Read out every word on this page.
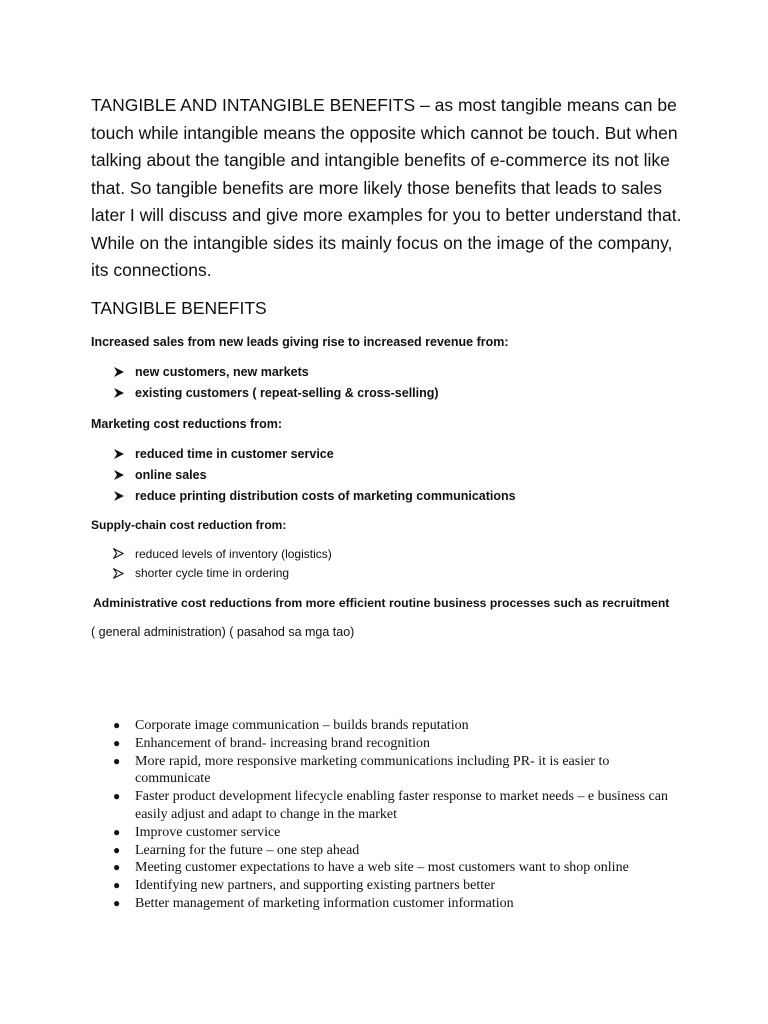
TANGIBLE AND INTANGIBLE BENEFITS – as most tangible means can be touch while intangible means the opposite which cannot be touch. But when talking about the tangible and intangible benefits of e-commerce its not like that. So tangible benefits are more likely those benefits that leads to sales later I will discuss and give more examples for you to better understand that. While on the intangible sides its mainly focus on the image of the company, its connections.

TANGIBLE BENEFITS

Increased sales from new leads giving rise to increased revenue from:

new customers, new markets
existing customers ( repeat-selling & cross-selling)

Marketing cost reductions from:

reduced time in customer service
online sales
reduce printing distribution costs of marketing communications

Supply-chain cost reduction from:

reduced levels of inventory (logistics)
shorter cycle time in ordering

Administrative cost reductions from more efficient routine business processes such as recruitment

( general administration) ( pasahod sa mga tao)

●	Corporate image communication – builds brands reputation
●	Enhancement of brand- increasing brand recognition
●	More rapid, more responsive marketing communications including PR- it is easier to communicate
●	Faster product development lifecycle enabling faster response to market needs – e business can easily adjust and adapt to change in the market
●	Improve customer service
●	Learning for the future – one step ahead
●	Meeting customer expectations to have a web site – most customers want to shop online
●	Identifying new partners, and supporting existing partners better
●	Better management of marketing information customer information
